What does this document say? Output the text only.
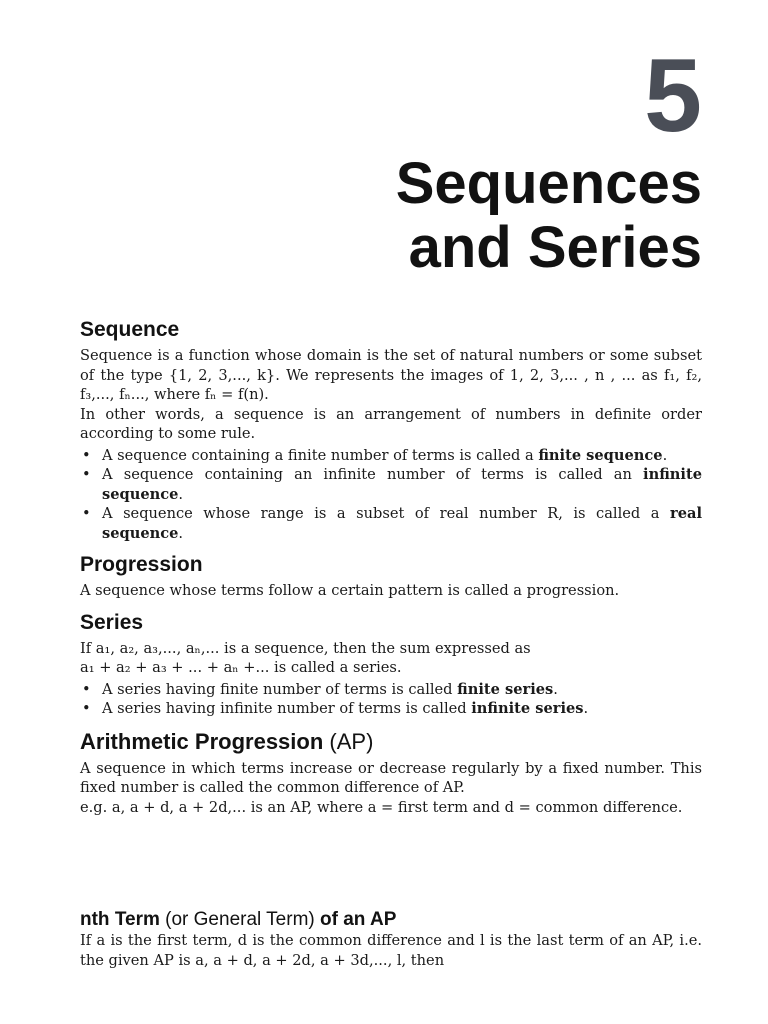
5
Sequences
and Series
Sequence

Sequence is a function whose domain is the set of natural numbers or some subset of the type {1, 2, 3,..., k}. We represents the images of 1, 2, 3,... , n , ... as f₁, f₂, f₃,..., fₙ..., where fₙ = f(n).

In other words, a sequence is an arrangement of numbers in definite order according to some rule.

• A sequence containing a finite number of terms is called a finite sequence.
• A sequence containing an infinite number of terms is called an infinite sequence.
• A sequence whose range is a subset of real number R, is called a real sequence.
Progression

A sequence whose terms follow a certain pattern is called a progression.

Series

If a₁, a₂, a₃,..., aₙ,... is a sequence, then the sum expressed as

a₁ + a₂ + a₃ + ... + aₙ +... is called a series.

• A series having finite number of terms is called finite series.
• A series having infinite number of terms is called infinite series.
Arithmetic Progression (AP)

A sequence in which terms increase or decrease regularly by a fixed number. This fixed number is called the common difference of AP.

e.g. a, a + d, a + 2d,... is an AP, where a = first term and d = common difference.

nth Term (or General Term) of an AP

If a is the first term, d is the common difference and l is the last term of an AP, i.e. the given AP is a, a + d, a + 2d, a + 3d,..., l, then
